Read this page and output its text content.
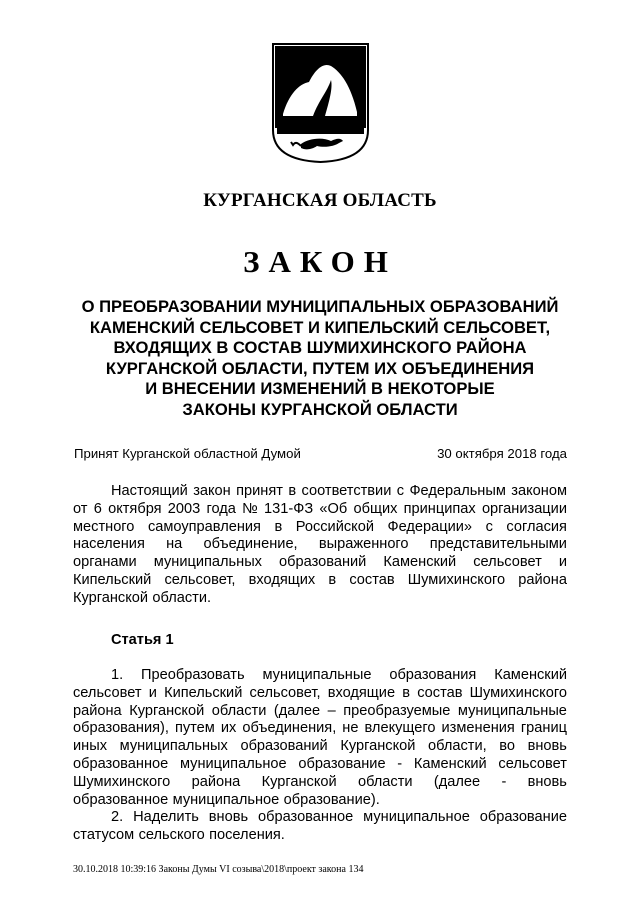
КУРГАНСКАЯ ОБЛАСТЬ
ЗАКОН
О ПРЕОБРАЗОВАНИИ МУНИЦИПАЛЬНЫХ ОБРАЗОВАНИЙ
КАМЕНСКИЙ СЕЛЬСОВЕТ И КИПЕЛЬСКИЙ СЕЛЬСОВЕТ,
ВХОДЯЩИХ В СОСТАВ ШУМИХИНСКОГО РАЙОНА
КУРГАНСКОЙ ОБЛАСТИ, ПУТЕМ ИХ ОБЪЕДИНЕНИЯ
И ВНЕСЕНИИ ИЗМЕНЕНИЙ В НЕКОТОРЫЕ
ЗАКОНЫ КУРГАНСКОЙ ОБЛАСТИ
Принят Курганской областной Думой	30 октября 2018 года
Настоящий закон принят в соответствии с Федеральным законом
от 6 октября 2003 года № 131-ФЗ «Об общих принципах организации
местного самоуправления в Российской Федерации» с согласия
населения на объединение, выраженного представительными
органами муниципальных образований Каменский сельсовет и
Кипельский сельсовет, входящих в состав Шумихинского района
Курганской области.
Статья 1
1. Преобразовать муниципальные образования Каменский
сельсовет и Кипельский сельсовет, входящие в состав Шумихинского
района Курганской области (далее – преобразуемые муниципальные
образования), путем их объединения, не влекущего изменения границ
иных муниципальных образований Курганской области, во вновь
образованное муниципальное образование - Каменский сельсовет
Шумихинского района Курганской области (далее - вновь
образованное муниципальное образование).
2. Наделить вновь образованное муниципальное образование
статусом сельского поселения.
30.10.2018 10:39:16 Законы Думы VI созыва\2018\проект закона 134
